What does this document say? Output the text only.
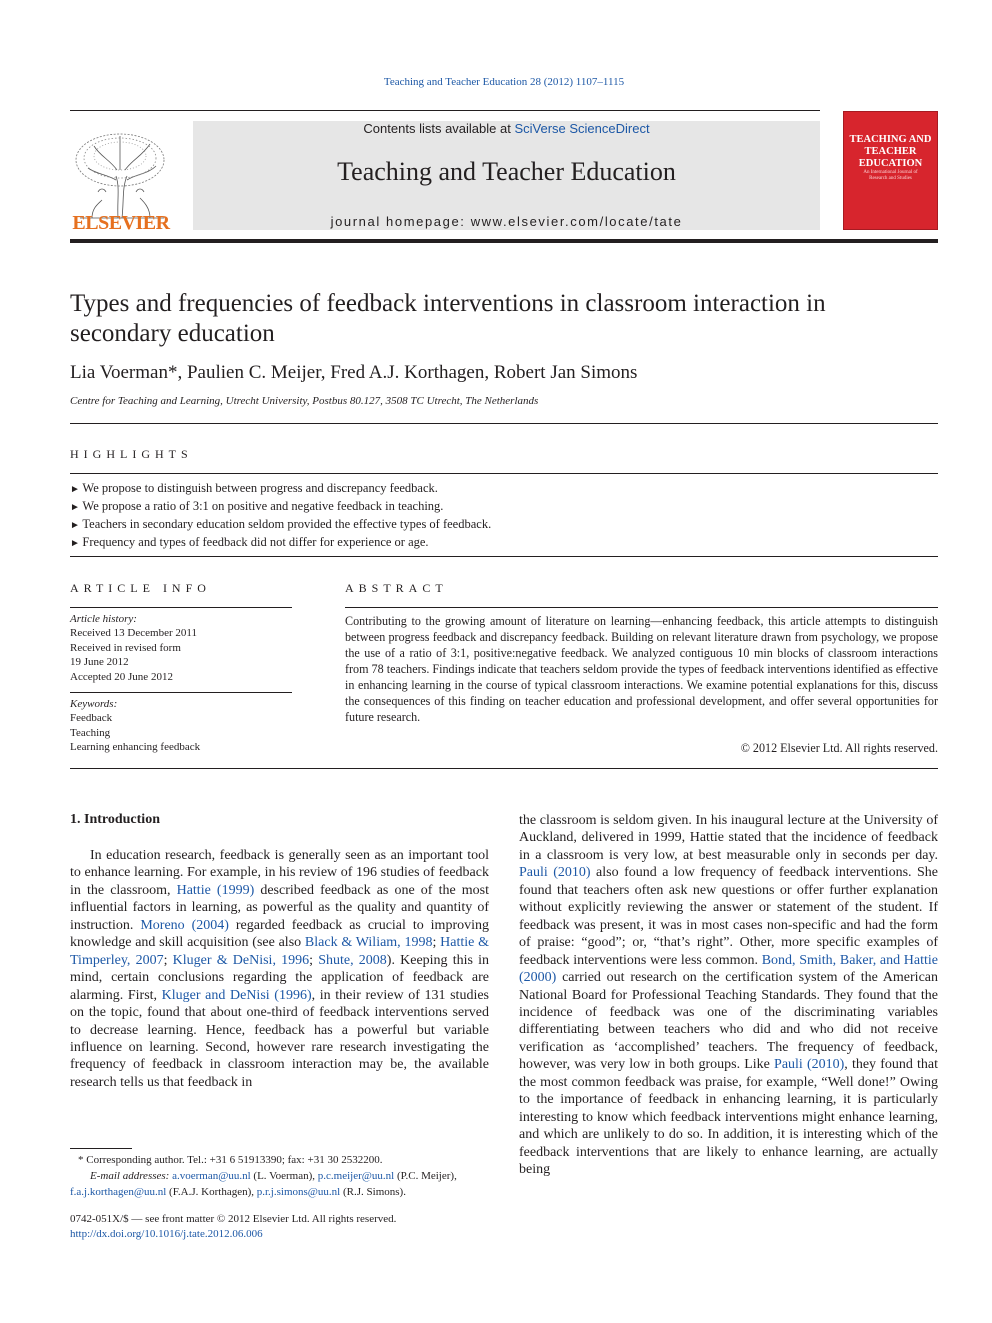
Teaching and Teacher Education 28 (2012) 1107–1115
ELSEVIER
Contents lists available at SciVerse ScienceDirect
Teaching and Teacher Education
journal homepage: www.elsevier.com/locate/tate
TEACHING AND TEACHER EDUCATION
An International Journal of Research and Studies
Types and frequencies of feedback interventions in classroom interaction in secondary education
Lia Voerman*, Paulien C. Meijer, Fred A.J. Korthagen, Robert Jan Simons
Centre for Teaching and Learning, Utrecht University, Postbus 80.127, 3508 TC Utrecht, The Netherlands
HIGHLIGHTS
► We propose to distinguish between progress and discrepancy feedback.
► We propose a ratio of 3:1 on positive and negative feedback in teaching.
► Teachers in secondary education seldom provided the effective types of feedback.
► Frequency and types of feedback did not differ for experience or age.
ARTICLE INFO
Article history:
Received 13 December 2011
Received in revised form
19 June 2012
Accepted 20 June 2012
Keywords:
Feedback
Teaching
Learning enhancing feedback
ABSTRACT
Contributing to the growing amount of literature on learning—enhancing feedback, this article attempts to distinguish between progress feedback and discrepancy feedback. Building on relevant literature drawn from psychology, we propose the use of a ratio of 3:1, positive:negative feedback. We analyzed contiguous 10 min blocks of classroom interactions from 78 teachers. Findings indicate that teachers seldom provide the types of feedback interventions identified as effective in enhancing learning in the course of typical classroom interactions. We examine potential explanations for this, discuss the consequences of this finding on teacher education and professional development, and offer several opportunities for future research.
© 2012 Elsevier Ltd. All rights reserved.
1. Introduction
In education research, feedback is generally seen as an important tool to enhance learning. For example, in his review of 196 studies of feedback in the classroom, Hattie (1999) described feedback as one of the most influential factors in learning, as powerful as the quality and quantity of instruction. Moreno (2004) regarded feedback as crucial to improving knowledge and skill acquisition (see also Black & Wiliam, 1998; Hattie & Timperley, 2007; Kluger & DeNisi, 1996; Shute, 2008). Keeping this in mind, certain conclusions regarding the application of feedback are alarming. First, Kluger and DeNisi (1996), in their review of 131 studies on the topic, found that about one-third of feedback interventions served to decrease learning. Hence, feedback has a powerful but variable influence on learning. Second, however rare research investigating the frequency of feedback in classroom interaction may be, the available research tells us that feedback in
the classroom is seldom given. In his inaugural lecture at the University of Auckland, delivered in 1999, Hattie stated that the incidence of feedback in a classroom is very low, at best measurable only in seconds per day. Pauli (2010) also found a low frequency of feedback interventions. She found that teachers often ask new questions or offer further explanation without explicitly reviewing the answer or statement of the student. If feedback was present, it was in most cases non-specific and had the form of praise: “good”; or, “that’s right”. Other, more specific examples of feedback interventions were less common. Bond, Smith, Baker, and Hattie (2000) carried out research on the certification system of the American National Board for Professional Teaching Standards. They found that the incidence of feedback was one of the discriminating variables differentiating between teachers who did and who did not receive verification as ‘accomplished’ teachers. The frequency of feedback, however, was very low in both groups. Like Pauli (2010), they found that the most common feedback was praise, for example, “Well done!” Owing to the importance of feedback in enhancing learning, it is particularly interesting to know which feedback interventions might enhance learning, and which are unlikely to do so. In addition, it is interesting which of the feedback interventions that are likely to enhance learning, are actually being
* Corresponding author. Tel.: +31 6 51913390; fax: +31 30 2532200.
E-mail addresses: a.voerman@uu.nl (L. Voerman), p.c.meijer@uu.nl (P.C. Meijer),
f.a.j.korthagen@uu.nl (F.A.J. Korthagen), p.r.j.simons@uu.nl (R.J. Simons).
0742-051X/$ — see front matter © 2012 Elsevier Ltd. All rights reserved.
http://dx.doi.org/10.1016/j.tate.2012.06.006
